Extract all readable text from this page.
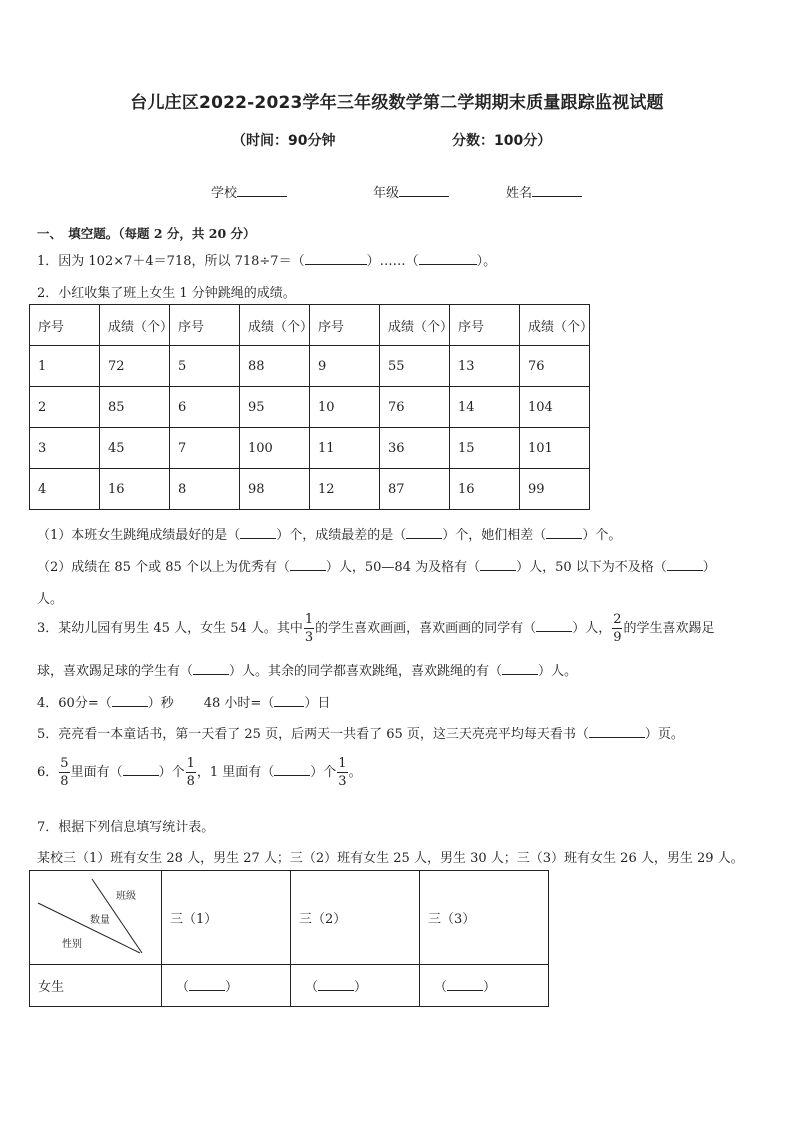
台儿庄区2022-2023学年三年级数学第二学期期末质量跟踪监视试题
（时间：90分钟	分数：100分）
学校	年级	姓名
一、　填空题。（每题 2 分，共 20 分）
1．因为 102×7＋4＝718，所以 718÷7＝（	）……（	）。
2．小红收集了班上女生 1 分钟跳绳的成绩。
序号	成绩（个）	序号	成绩（个）	序号	成绩（个）	序号	成绩（个）
1	72	5	88	9	55	13	76
2	85	6	95	10	76	14	104
3	45	7	100	11	36	15	101
4	16	8	98	12	87	16	99
（1）本班女生跳绳成绩最好的是（	）个，成绩最差的是（	）个，她们相差（	）个。
（2）成绩在 85 个或 85 个以上为优秀有（	）人，50—84 为及格有（	）人，50 以下为不及格（	）
人。
3．某幼儿园有男生 45 人，女生 54 人。其中 $\frac{1}{3}$ 的学生喜欢画画，喜欢画画的同学有（	）人， $\frac{2}{9}$ 的学生喜欢踢足
球，喜欢踢足球的学生有（	）人。其余的同学都喜欢跳绳，喜欢跳绳的有（	）人。
4．60分=（	）秒 48 小时=（ ）日
5．亮亮看一本童话书，第一天看了 25 页，后两天一共看了 65 页，这三天亮亮平均每天看书（	）页。
6． $\frac{5}{8}$ 里面有（	）个 $\frac{1}{8}$ ，1 里面有（	）个 $\frac{1}{3}$ 。
7．根据下列信息填写统计表。
某校三（1）班有女生 28 人，男生 27 人；三（2）班有女生 25 人，男生 30 人；三（3）班有女生 26 人，男生 29 人。
班级
数量
性别	三（1）	三（2）	三（3）
女生	（ ）	（ ）	（ ）
